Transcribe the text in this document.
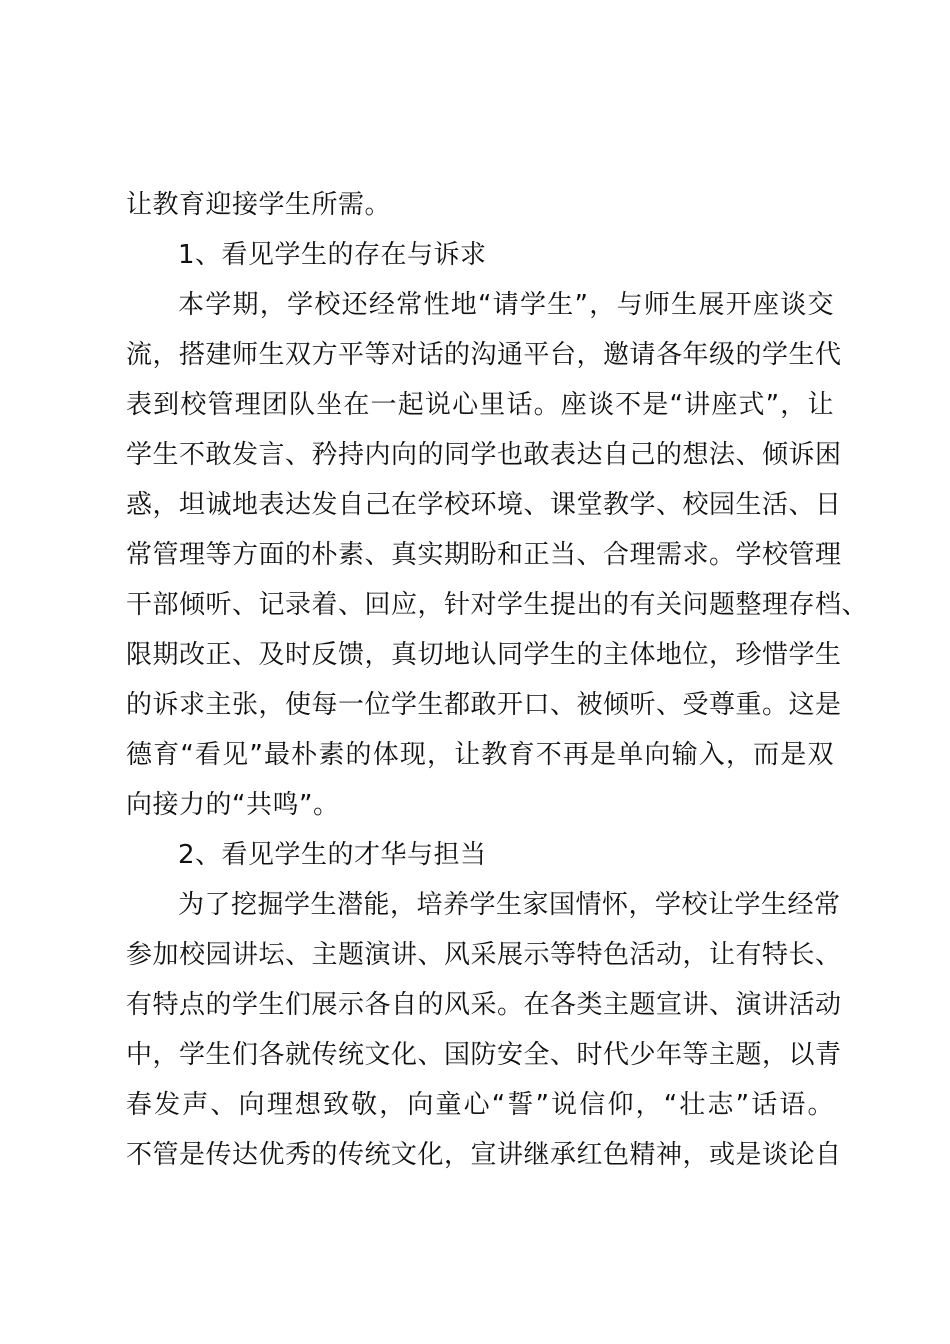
让教育迎接学生所需。
1、看见学生的存在与诉求
本学期，学校还经常性地“请学生”，与师生展开座谈交
流，搭建师生双方平等对话的沟通平台，邀请各年级的学生代
表到校管理团队坐在一起说心里话。座谈不是“讲座式”，让
学生不敢发言、矜持内向的同学也敢表达自己的想法、倾诉困
惑，坦诚地表达发自己在学校环境、课堂教学、校园生活、日
常管理等方面的朴素、真实期盼和正当、合理需求。学校管理
干部倾听、记录着、回应，针对学生提出的有关问题整理存档、
限期改正、及时反馈，真切地认同学生的主体地位，珍惜学生
的诉求主张，使每一位学生都敢开口、被倾听、受尊重。这是
德育“看见”最朴素的体现，让教育不再是单向输入，而是双
向接力的“共鸣”。
2、看见学生的才华与担当
为了挖掘学生潜能，培养学生家国情怀，学校让学生经常
参加校园讲坛、主题演讲、风采展示等特色活动，让有特长、
有特点的学生们展示各自的风采。在各类主题宣讲、演讲活动
中，学生们各就传统文化、国防安全、时代少年等主题，以青
春发声、向理想致敬，向童心“誓”说信仰，“壮志”话语。
不管是传达优秀的传统文化，宣讲继承红色精神，或是谈论自
